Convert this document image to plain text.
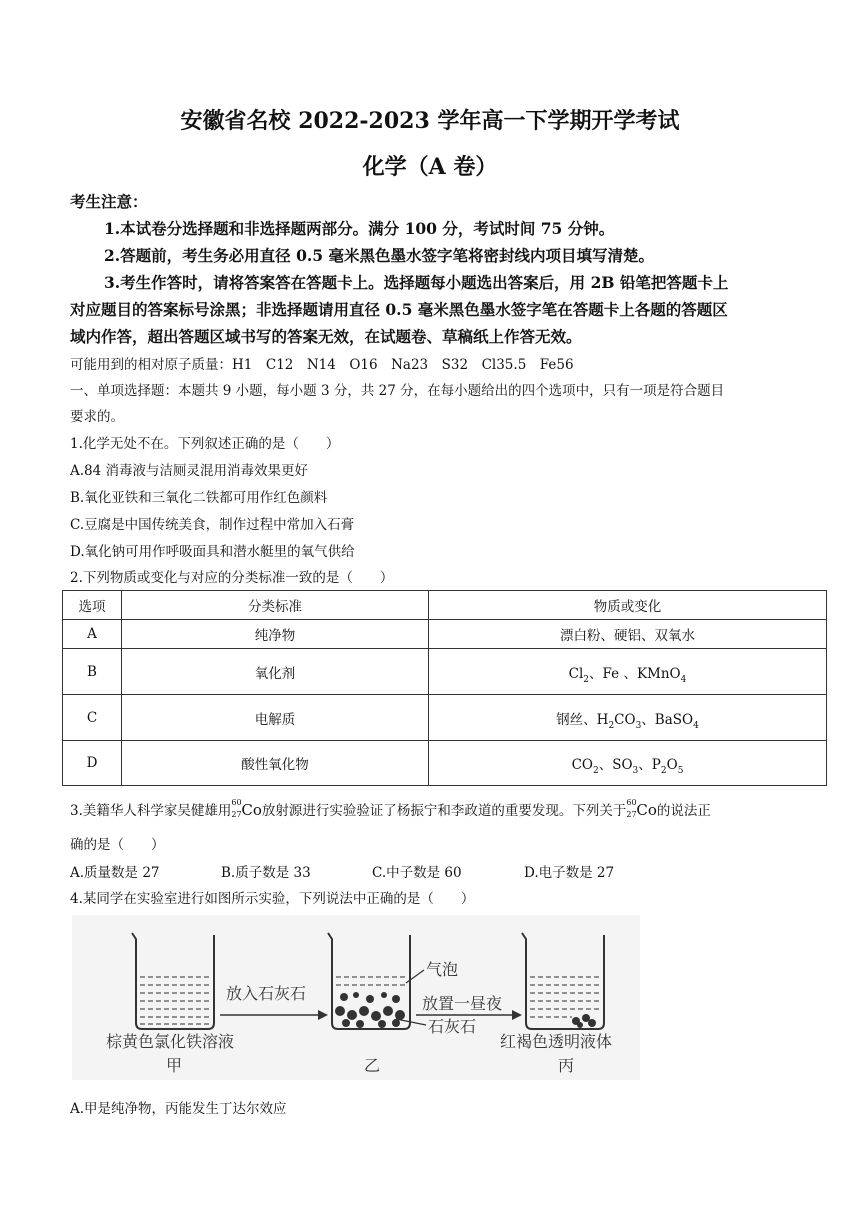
安徽省名校 2022-2023 学年高一下学期开学考试
化学（A 卷）
考生注意：
1.本试卷分选择题和非选择题两部分。满分 100 分，考试时间 75 分钟。
2.答题前，考生务必用直径 0.5 毫米黑色墨水签字笔将密封线内项目填写清楚。
3.考生作答时，请将答案答在答题卡上。选择题每小题选出答案后，用 2B 铅笔把答题卡上
对应题目的答案标号涂黑；非选择题请用直径 0.5 毫米黑色墨水签字笔在答题卡上各题的答题区
域内作答，超出答题区域书写的答案无效，在试题卷、草稿纸上作答无效。
可能用到的相对原子质量：H1　C12　N14　O16　Na23　S32　Cl35.5　Fe56
一、单项选择题：本题共 9 小题，每小题 3 分，共 27 分，在每小题给出的四个选项中，只有一项是符合题目
要求的。
1.化学无处不在。下列叙述正确的是（　　）
A.84 消毒液与洁厕灵混用消毒效果更好
B.氧化亚铁和三氧化二铁都可用作红色颜料
C.豆腐是中国传统美食，制作过程中常加入石膏
D.氧化钠可用作呼吸面具和潜水艇里的氧气供给
2.下列物质或变化与对应的分类标准一致的是（　　）
选项	分类标准	物质或变化
A	纯净物	漂白粉、硬铝、双氧水
B	氧化剂	$Cl_2$、Fe 、KMnO$_4$
C	电解质	钢丝、$H_2CO_3$、BaSO$_4$
D	酸性氧化物	$CO_2$、$SO_3$、$P_2O_5$
3.美籍华人科学家吴健雄用
60
27 Co放射源进行实验验证了杨振宁和李政道的重要发现。下列关于
60
27 Co的说法正
确的是（　　）
A.质量数是 27	B.质子数是 33	C.中子数是 60	D.电子数是 27
4.某同学在实验室进行如图所示实验，下列说法中正确的是（　　）
放入石灰石
气泡
放置一昼夜
石灰石
棕黄色氯化铁溶液
甲	乙
红褐色透明液体
丙
A.甲是纯净物，丙能发生丁达尔效应
